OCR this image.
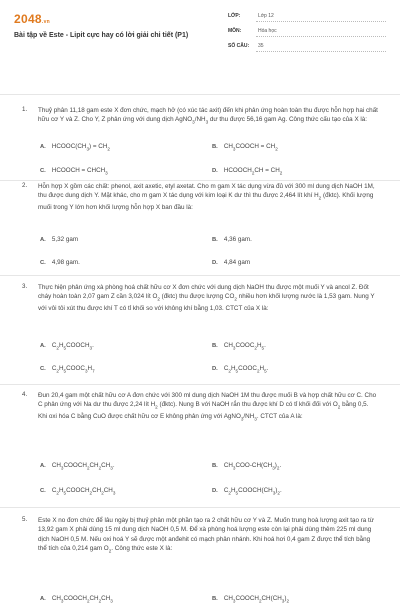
2048.vn
Bài tập về Este - Lipit cực hay có lời giải chi tiết (P1)
LỚP:	Lớp 12
MÔN:	Hóa học
SỐ CÂU: 35
1. Thuỷ phân 11,18 gam este X đơn chức, mạch hở (có xúc tác axit) đến khi phản ứng hoàn toàn thu được hỗn hợp hai chất hữu cơ Y và Z. Cho Y, Z phản ứng với dung dịch $AgNO_3/NH_3$ dư thu được 56,16 gam Ag. Công thức cấu tạo của X là:
A. $HCOOC(CH_3) = CH_2$	B. $CH_3COOCH = CH_2$
C. HCOOCH = $CHCH_3$	D. $HCOOCH_2CH = CH_2$
2. Hỗn hợp X gồm các chất: phenol, axit axetic, etyl axetat. Cho m gam X tác dụng vừa đủ với 300 ml dung dịch NaOH 1M, thu được dung dịch Y. Mặt khác, cho m gam X tác dụng với kim loại K dư thì thu được 2,464 lít khí $H_2$ (đktc). Khối lượng muối trong Y lớn hơn khối lượng hỗn hợp X ban đầu là:
A. 5,32 gam	B. 4,36 gam.
C. 4,98 gam.	D. 4,84 gam
3. Thực hiện phản ứng xà phòng hoá chất hữu cơ X đơn chức với dung dịch NaOH thu được một muối Y và ancol Z. Đốt cháy hoàn toàn 2,07 gam Z cần 3,024 lít $O_2$ (đktc) thu được lượng $CO_2$ nhiều hơn khối lượng nước là 1,53 gam. Nung Y với vôi tôi xút thu được khí T có tỉ khối so với không khí bằng 1,03. CTCT của X là:
A. $C_2H_5COOCH_3$.	B. $CH_3COOC_2H_5$.
C. $C_2H_5COOC_3H_7$	D. $C_2H_5COOC_2H_5$.
4. Đun 20,4 gam một chất hữu cơ A đơn chức với 300 ml dung dịch NaOH 1M thu được muối B và hợp chất hữu cơ C. Cho C phản ứng với Na dư thu được 2,24 lít $H_2$ (đktc). Nung B với NaOH rắn thu được khí D có tỉ khối đối với $O_2$ bằng 0,5. Khi oxi hóa C bằng CuO được chất hữu cơ E không phản ứng với $AgNO_3/NH_3$. CTCT của A là:
A. $CH_3COOCH_2CH_2CH_3$.	B. $CH_3COO-CH(CH_3)_2$.
C. $C_2H_5COOCH_2CH_2CH_3$	D. $C_2H_5COOCH(CH_3)_2$.
5. Este X no đơn chức để lâu ngày bị thuỷ phân một phần tạo ra 2 chất hữu cơ Y và Z. Muốn trung hoà lượng axit tạo ra từ 13,92 gam X phải dùng 15 ml dung dịch NaOH 0,5 M. Để xà phòng hoá lượng este còn lại phải dùng thêm 225 ml dung dịch NaOH 0,5 M. Nếu oxi hoá Y sẽ được một anđehit có mạch phân nhánh. Khi hoá hơi 0,4 gam Z được thể tích bằng thể tích của 0,214 gam $O_2$. Công thức este X là:
A. $CH_3COOCH_2CH_2CH_3$	B. $CH_3COOCH_2CH(CH_3)_2$
